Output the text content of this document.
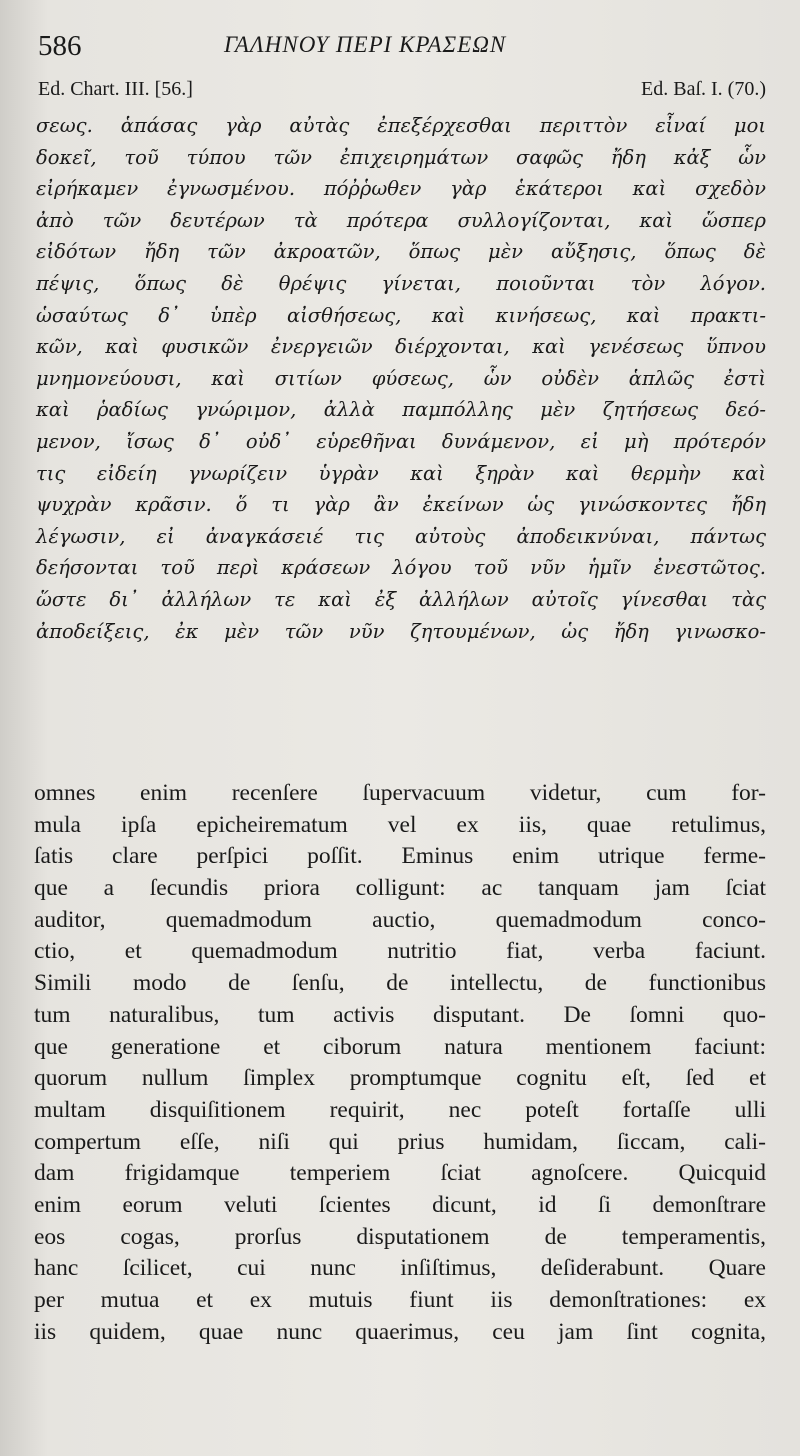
586	ΓΑΛΗΝΟΥ ΠΕΡΙ ΚΡΑΣΕΩΝ
Ed. Chart. III. [56.]	Ed. Baſ. I. (70.)
σεως. ἁπάσας γὰρ αὐτὰς ἐπεξέρχεσθαι περιττὸν εἶναί μοι
δοκεῖ, τοῦ τύπου τῶν ἐπιχειρημάτων σαφῶς ἤδη κἀξ ὧν
εἰρήκαμεν ἐγνωσμένου. πόῤῥωθεν γὰρ ἑκάτεροι καὶ σχεδὸν
ἀπὸ τῶν δευτέρων τὰ πρότερα συλλογίζονται, καὶ ὥσπερ
εἰδότων ἤδη τῶν ἀκροατῶν, ὅπως μὲν αὔξησις, ὅπως δὲ
πέψις, ὅπως δὲ θρέψις γίνεται, ποιοῦνται τὸν λόγον.
ὡσαύτως δ᾽ ὑπὲρ αἰσθήσεως, καὶ κινήσεως, καὶ πρακτι-
κῶν, καὶ φυσικῶν ἐνεργειῶν διέρχονται, καὶ γενέσεως ὕπνου
μνημονεύουσι, καὶ σιτίων φύσεως, ὧν οὐδὲν ἁπλῶς ἐστὶ
καὶ ῥαδίως γνώριμον, ἀλλὰ παμπόλλης μὲν ζητήσεως δεό-
μενον, ἴσως δ᾽ οὐδ᾽ εὑρεθῆναι δυνάμενον, εἰ μὴ πρότερόν
τις εἰδείη γνωρίζειν ὑγρὰν καὶ ξηρὰν καὶ θερμὴν καὶ
ψυχρὰν κρᾶσιν. ὅ τι γὰρ ἂν ἐκείνων ὡς γινώσκοντες ἤδη
λέγωσιν, εἰ ἀναγκάσειέ τις αὐτοὺς ἀποδεικνύναι, πάντως
δεήσονται τοῦ περὶ κράσεων λόγου τοῦ νῦν ἡμῖν ἐνεστῶτος.
ὥστε δι᾽ ἀλλήλων τε καὶ ἐξ ἀλλήλων αὐτοῖς γίνεσθαι τὰς
ἀποδείξεις, ἐκ μὲν τῶν νῦν ζητουμένων, ὡς ἤδη γινωσκο-
omnes enim recenſere ſupervacuum videtur, cum for-
mula ipſa epicheirematum vel ex iis, quae retulimus,
ſatis clare perſpici poſſit. Eminus enim utrique ferme-
que a ſecundis priora colligunt: ac tanquam jam ſciat
auditor, quemadmodum auctio, quemadmodum conco-
ctio, et quemadmodum nutritio fiat, verba faciunt.
Simili modo de ſenſu, de intellectu, de functionibus
tum naturalibus, tum activis disputant. De ſomni quo-
que generatione et ciborum natura mentionem faciunt:
quorum nullum ſimplex promptumque cognitu eſt, ſed et
multam disquiſitionem requirit, nec poteſt fortaſſe ulli
compertum eſſe, niſi qui prius humidam, ſiccam, cali-
dam frigidamque temperiem ſciat agnoſcere. Quicquid
enim eorum veluti ſcientes dicunt, id ſi demonſtrare
eos cogas, prorſus disputationem de temperamentis,
hanc ſcilicet, cui nunc inſiſtimus, deſiderabunt. Quare
per mutua et ex mutuis fiunt iis demonſtrationes: ex
iis quidem, quae nunc quaerimus, ceu jam ſint cognita,
